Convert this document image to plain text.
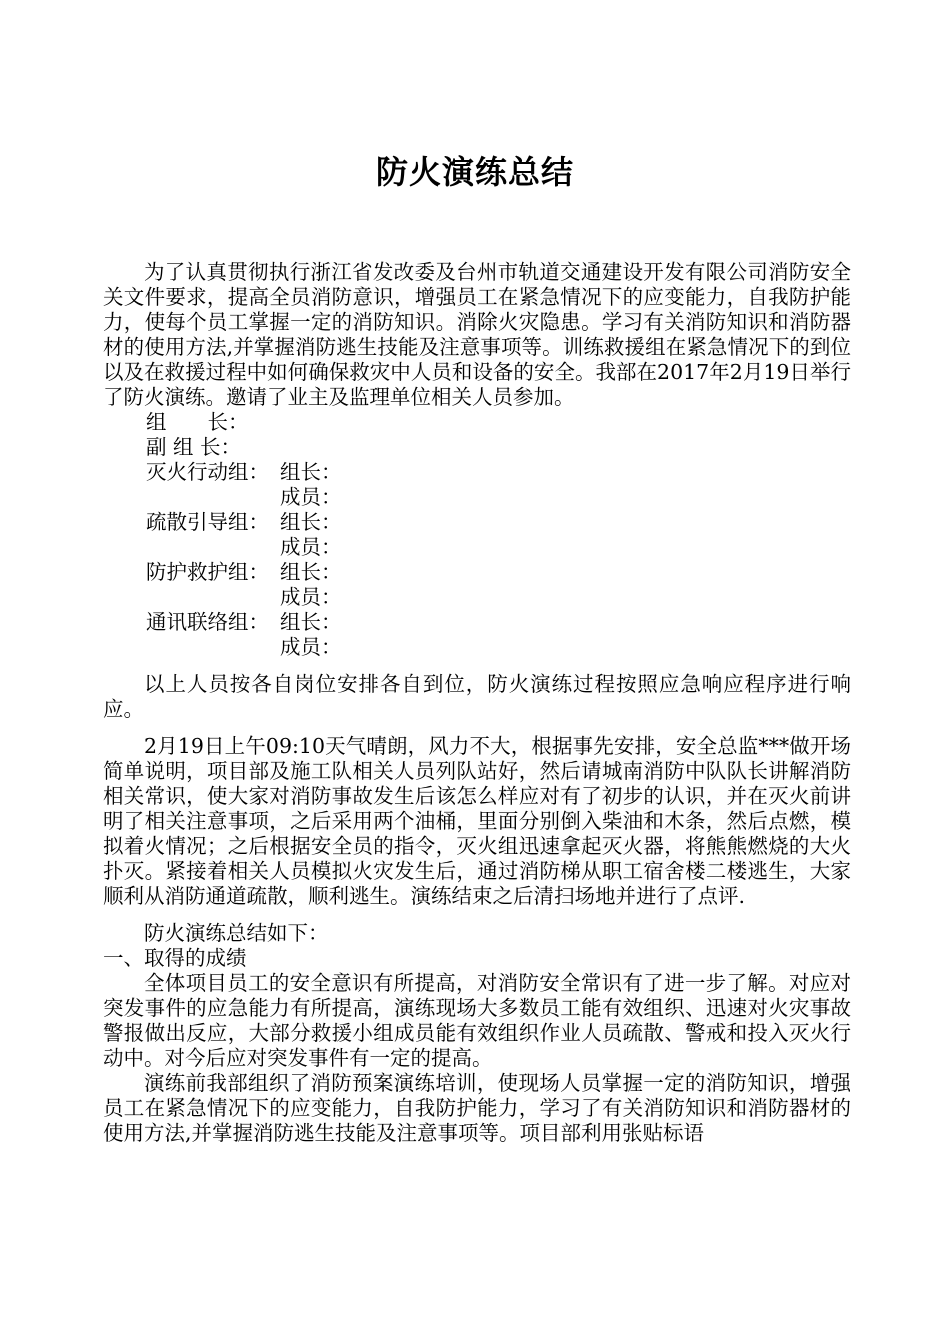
防火演练总结

为了认真贯彻执行浙江省发改委及台州市轨道交通建设开发有限公司消防安全关文件要求，提高全员消防意识，增强员工在紧急情况下的应变能力，自我防护能力，使每个员工掌握一定的消防知识。消除火灾隐患。学习有关消防知识和消防器材的使用方法,并掌握消防逃生技能及注意事项等。训练救援组在紧急情况下的到位以及在救援过程中如何确保救灾中人员和设备的安全。我部在2017年2月19日举行了防火演练。邀请了业主及监理单位相关人员参加。

组　　长：

副 组 长：

灭火行动组： 组长：

成员：

疏散引导组： 组长：

成员：

防护救护组： 组长：

成员：

通讯联络组： 组长：

成员：

以上人员按各自岗位安排各自到位，防火演练过程按照应急响应程序进行响应。

2月19日上午09:10天气晴朗，风力不大，根据事先安排，安全总监***做开场简单说明，项目部及施工队相关人员列队站好，然后请城南消防中队队长讲解消防相关常识，使大家对消防事故发生后该怎么样应对有了初步的认识，并在灭火前讲明了相关注意事项，之后采用两个油桶，里面分别倒入柴油和木条，然后点燃，模拟着火情况；之后根据安全员的指令，灭火组迅速拿起灭火器，将熊熊燃烧的大火扑灭。紧接着相关人员模拟火灾发生后，通过消防梯从职工宿舍楼二楼逃生，大家顺利从消防通道疏散，顺利逃生。演练结束之后清扫场地并进行了点评.

防火演练总结如下：

一、取得的成绩

全体项目员工的安全意识有所提高，对消防安全常识有了进一步了解。对应对突发事件的应急能力有所提高，演练现场大多数员工能有效组织、迅速对火灾事故警报做出反应，大部分救援小组成员能有效组织作业人员疏散、警戒和投入灭火行动中。对今后应对突发事件有一定的提高。

演练前我部组织了消防预案演练培训，使现场人员掌握一定的消防知识，增强员工在紧急情况下的应变能力，自我防护能力，学习了有关消防知识和消防器材的使用方法,并掌握消防逃生技能及注意事项等。项目部利用张贴标语
